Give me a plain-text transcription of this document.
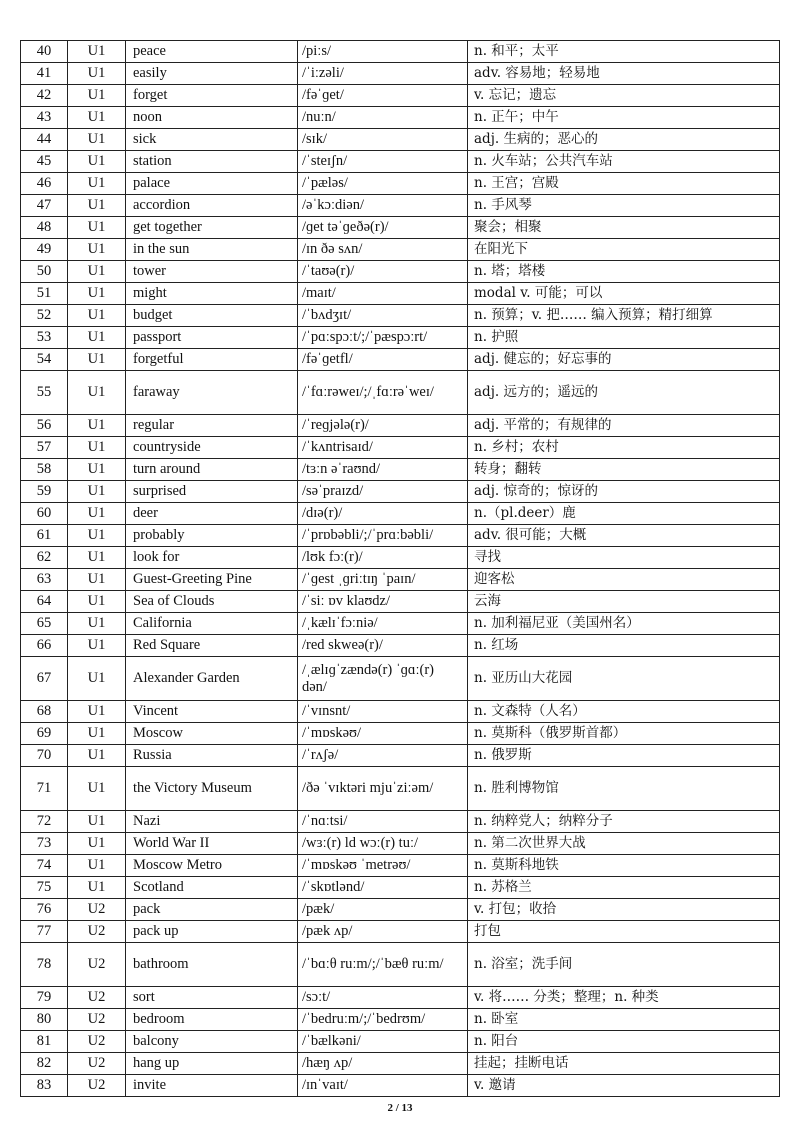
40	U1	peace	/piːs/	n. 和平；太平
41	U1	easily	/ˈiːzəli/	adv. 容易地；轻易地
42	U1	forget	/fəˈɡet/	v. 忘记；遗忘
43	U1	noon	/nuːn/	n. 正午；中午
44	U1	sick	/sɪk/	adj. 生病的；恶心的
45	U1	station	/ˈsteɪʃn/	n. 火车站；公共汽车站
46	U1	palace	/ˈpæləs/	n. 王宫；宫殿
47	U1	accordion	/əˈkɔːdiən/	n. 手风琴
48	U1	get together	/ɡet təˈɡeðə(r)/	聚会；相聚
49	U1	in the sun	/ɪn ðə sʌn/	在阳光下
50	U1	tower	/ˈtaʊə(r)/	n. 塔；塔楼
51	U1	might	/maɪt/	modal v. 可能；可以
52	U1	budget	/ˈbʌdʒɪt/	n. 预算；v. 把…… 编入预算；精打细算
53	U1	passport	/ˈpɑːspɔːt/;/ˈpæspɔːrt/	n. 护照
54	U1	forgetful	/fəˈɡetfl/	adj. 健忘的；好忘事的
55	U1	faraway	/ˈfɑːrəweɪ/;/ˌfɑːrəˈweɪ/	adj. 远方的；遥远的
56	U1	regular	/ˈreɡjələ(r)/	adj. 平常的；有规律的
57	U1	countryside	/ˈkʌntrisaɪd/	n. 乡村；农村
58	U1	turn around	/tɜːn əˈraʊnd/	转身；翻转
59	U1	surprised	/səˈpraɪzd/	adj. 惊奇的；惊讶的
60	U1	deer	/dɪə(r)/	n.（pl.deer）鹿
61	U1	probably	/ˈprɒbəbli/;/ˈprɑːbəbli/	adv. 很可能；大概
62	U1	look for	/lʊk fɔː(r)/	寻找
63	U1	Guest-Greeting Pine	/ˈɡest ˌɡriːtɪŋ ˈpaɪn/	迎客松
64	U1	Sea of Clouds	/ˈsiː ɒv klaʊdz/	云海
65	U1	California	/ˌkælɪˈfɔːniə/	n. 加利福尼亚（美国州名）
66	U1	Red Square	/red skweə(r)/	n. 红场
67	U1	Alexander Garden	/ˌælɪɡˈzændə(r) ˈɡɑː(r) dən/	n. 亚历山大花园
68	U1	Vincent	/ˈvɪnsnt/	n. 文森特（人名）
69	U1	Moscow	/ˈmɒskəʊ/	n. 莫斯科（俄罗斯首都）
70	U1	Russia	/ˈrʌʃə/	n. 俄罗斯
71	U1	the Victory Museum	/ðə ˈvɪktəri mjuˈziːəm/	n. 胜利博物馆
72	U1	Nazi	/ˈnɑːtsi/	n. 纳粹党人；纳粹分子
73	U1	World War II	/wɜː(r) ld wɔː(r) tuː/	n. 第二次世界大战
74	U1	Moscow Metro	/ˈmɒskəʊ ˈmetrəʊ/	n. 莫斯科地铁
75	U1	Scotland	/ˈskɒtlənd/	n. 苏格兰
76	U2	pack	/pæk/	v. 打包；收拾
77	U2	pack up	/pæk ʌp/	打包
78	U2	bathroom	/ˈbɑːθ ruːm/;/ˈbæθ ruːm/	n. 浴室；洗手间
79	U2	sort	/sɔːt/	v. 将…… 分类；整理；n. 种类
80	U2	bedroom	/ˈbedruːm/;/ˈbedrʊm/	n. 卧室
81	U2	balcony	/ˈbælkəni/	n. 阳台
82	U2	hang up	/hæŋ ʌp/	挂起；挂断电话
83	U2	invite	/ɪnˈvaɪt/	v. 邀请
2 / 13
